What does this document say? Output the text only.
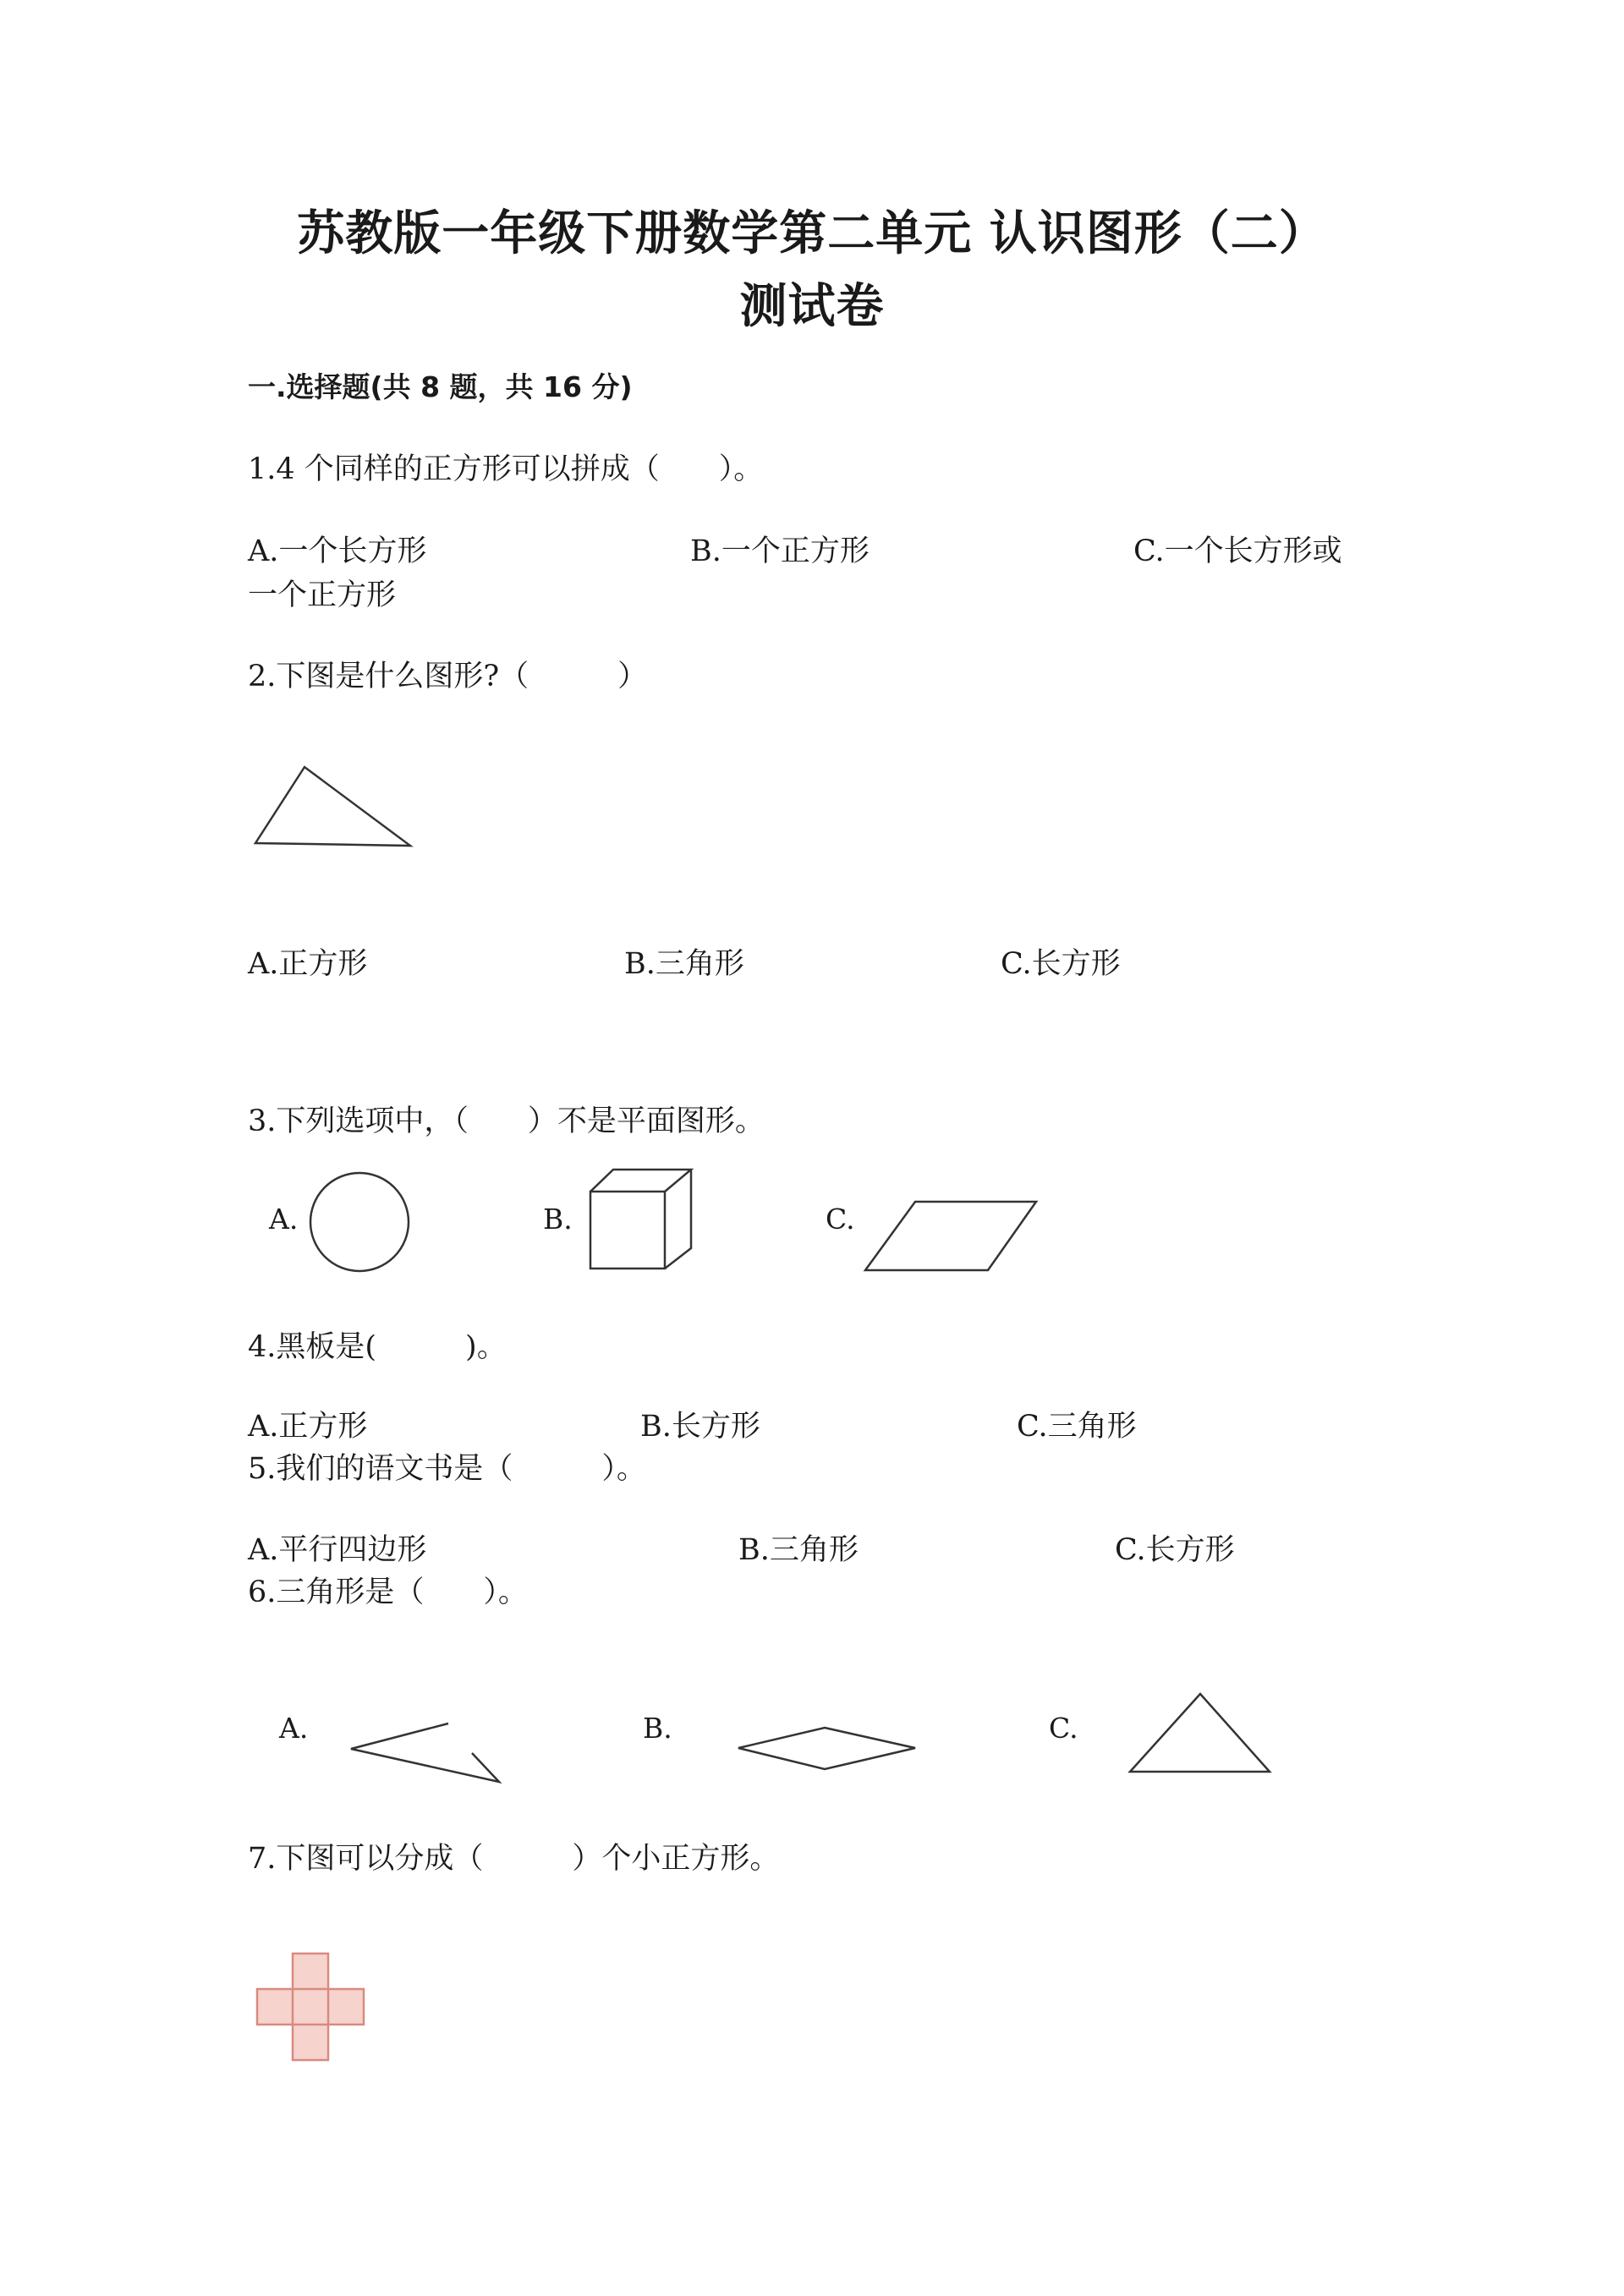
苏教版一年级下册数学第二单元 认识图形（二）
测试卷
一.选择题(共 8 题，共 16 分)
1.4 个同样的正方形可以拼成（　　）。
A.一个长方形	B.一个正方形	C.一个长方形或
一个正方形
2.下图是什么图形?（　　　）
A.正方形	B.三角形	C.长方形
3.下列选项中，（　　）不是平面图形。
A.	B.	C.
4.黑板是(　　　)。
A.正方形	B.长方形	C.三角形
5.我们的语文书是（　　　）。
A.平行四边形	B.三角形	C.长方形
6.三角形是（　　）。
A.	B.	C.
7.下图可以分成（　　　）个小正方形。
